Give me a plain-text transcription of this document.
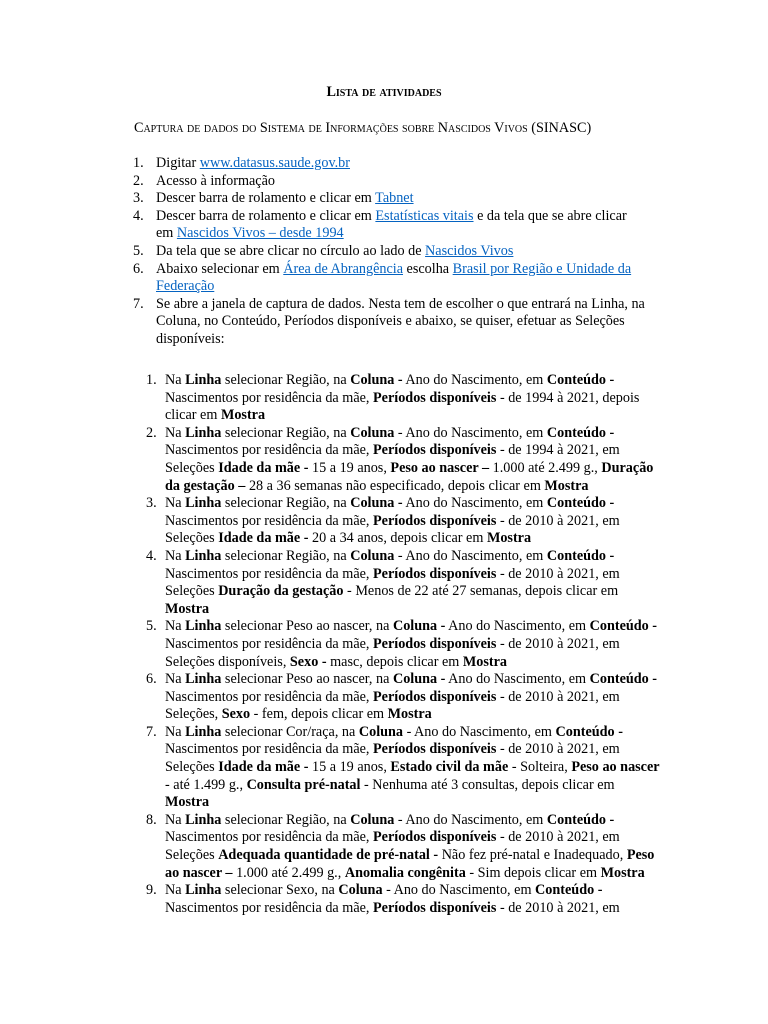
Lista de atividades
Captura de dados do Sistema de Informações sobre Nascidos Vivos (SINASC)
1. Digitar www.datasus.saude.gov.br
2. Acesso à informação
3. Descer barra de rolamento e clicar em Tabnet
4. Descer barra de rolamento e clicar em Estatísticas vitais e da tela que se abre clicar em Nascidos Vivos – desde 1994
5. Da tela que se abre clicar no círculo ao lado de Nascidos Vivos
6. Abaixo selecionar em Área de Abrangência escolha Brasil por Região e Unidade da Federação
7. Se abre a janela de captura de dados. Nesta tem de escolher o que entrará na Linha, na Coluna, no Conteúdo, Períodos disponíveis e abaixo, se quiser, efetuar as Seleções disponíveis:
1. Na Linha selecionar Região, na Coluna - Ano do Nascimento, em Conteúdo - Nascimentos por residência da mãe, Períodos disponíveis - de 1994 à 2021, depois clicar em Mostra
2. Na Linha selecionar Região, na Coluna - Ano do Nascimento, em Conteúdo - Nascimentos por residência da mãe, Períodos disponíveis - de 1994 à 2021, em Seleções Idade da mãe - 15 a 19 anos, Peso ao nascer – 1.000 até 2.499 g., Duração da gestação – 28 a 36 semanas não especificado, depois clicar em Mostra
3. Na Linha selecionar Região, na Coluna - Ano do Nascimento, em Conteúdo - Nascimentos por residência da mãe, Períodos disponíveis - de 2010 à 2021, em Seleções Idade da mãe - 20 a 34 anos, depois clicar em Mostra
4. Na Linha selecionar Região, na Coluna - Ano do Nascimento, em Conteúdo - Nascimentos por residência da mãe, Períodos disponíveis - de 2010 à 2021, em Seleções Duração da gestação - Menos de 22 até 27 semanas, depois clicar em Mostra
5. Na Linha selecionar Peso ao nascer, na Coluna - Ano do Nascimento, em Conteúdo - Nascimentos por residência da mãe, Períodos disponíveis - de 2010 à 2021, em Seleções disponíveis, Sexo - masc, depois clicar em Mostra
6. Na Linha selecionar Peso ao nascer, na Coluna - Ano do Nascimento, em Conteúdo - Nascimentos por residência da mãe, Períodos disponíveis - de 2010 à 2021, em Seleções, Sexo - fem, depois clicar em Mostra
7. Na Linha selecionar Cor/raça, na Coluna - Ano do Nascimento, em Conteúdo - Nascimentos por residência da mãe, Períodos disponíveis - de 2010 à 2021, em Seleções Idade da mãe - 15 a 19 anos, Estado civil da mãe - Solteira, Peso ao nascer - até 1.499 g., Consulta pré-natal - Nenhuma até 3 consultas, depois clicar em Mostra
8. Na Linha selecionar Região, na Coluna - Ano do Nascimento, em Conteúdo - Nascimentos por residência da mãe, Períodos disponíveis - de 2010 à 2021, em Seleções Adequada quantidade de pré-natal - Não fez pré-natal e Inadequado, Peso ao nascer – 1.000 até 2.499 g., Anomalia congênita - Sim depois clicar em Mostra
9. Na Linha selecionar Sexo, na Coluna - Ano do Nascimento, em Conteúdo - Nascimentos por residência da mãe, Períodos disponíveis - de 2010 à 2021, em
